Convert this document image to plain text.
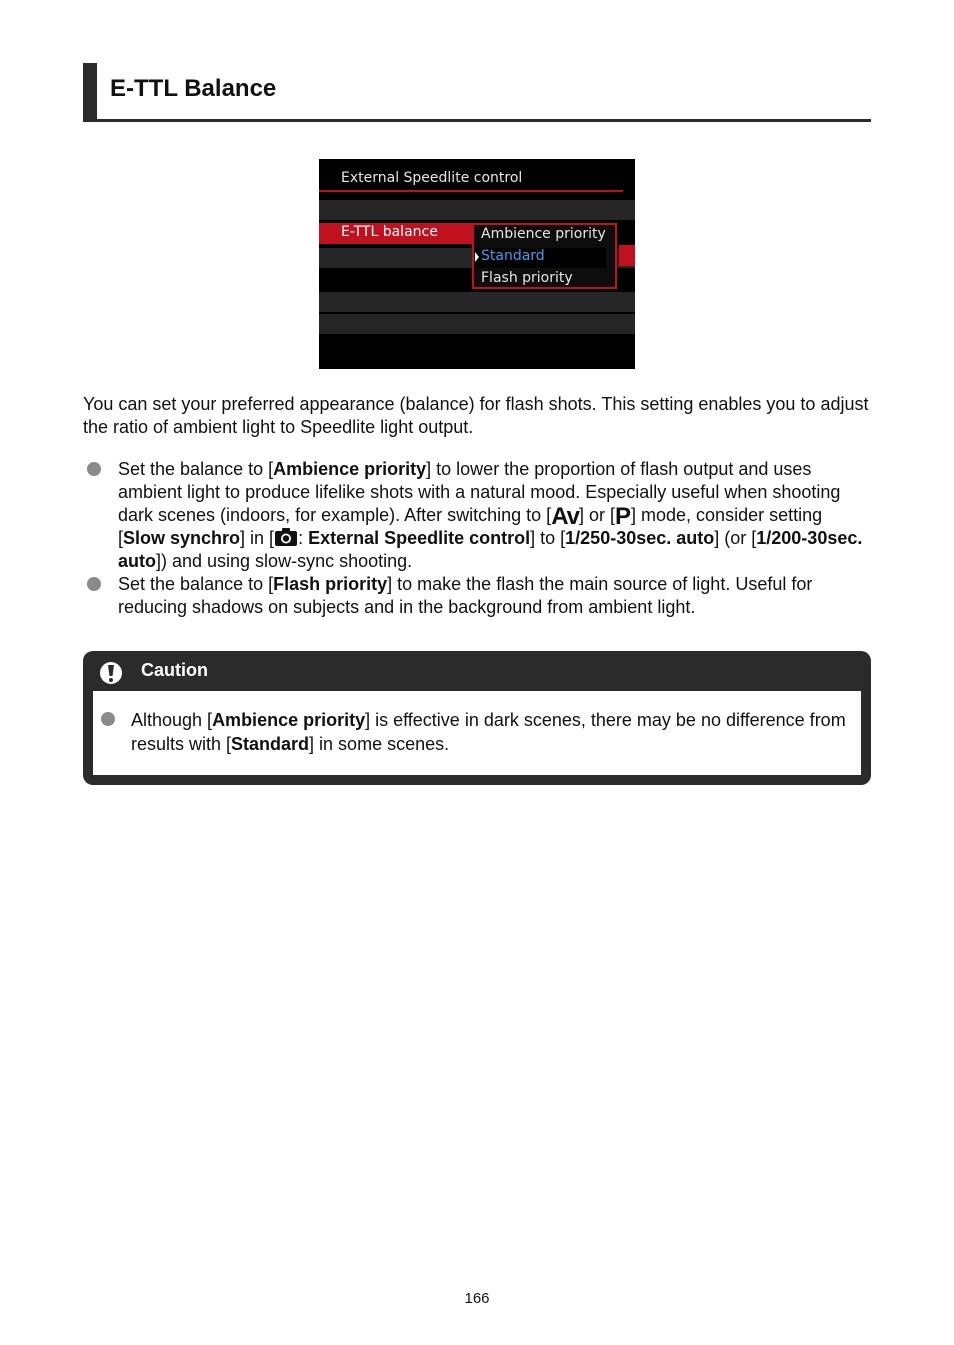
E-TTL Balance
External Speedlite control
E-TTL balance	Ambience priority
Standard
Flash priority
You can set your preferred appearance (balance) for flash shots. This setting enables you to adjust the ratio of ambient light to Speedlite light output.
Set the balance to [Ambience priority] to lower the proportion of flash output and uses ambient light to produce lifelike shots with a natural mood. Especially useful when shooting dark scenes (indoors, for example). After switching to [Av] or [P] mode, consider setting [Slow synchro] in [ : External Speedlite control] to [1/250-30sec. auto] (or [1/200-30sec. auto]) and using slow-sync shooting.
Set the balance to [Flash priority] to make the flash the main source of light. Useful for reducing shadows on subjects and in the background from ambient light.
Caution
Although [Ambience priority] is effective in dark scenes, there may be no difference from results with [Standard] in some scenes.
166
